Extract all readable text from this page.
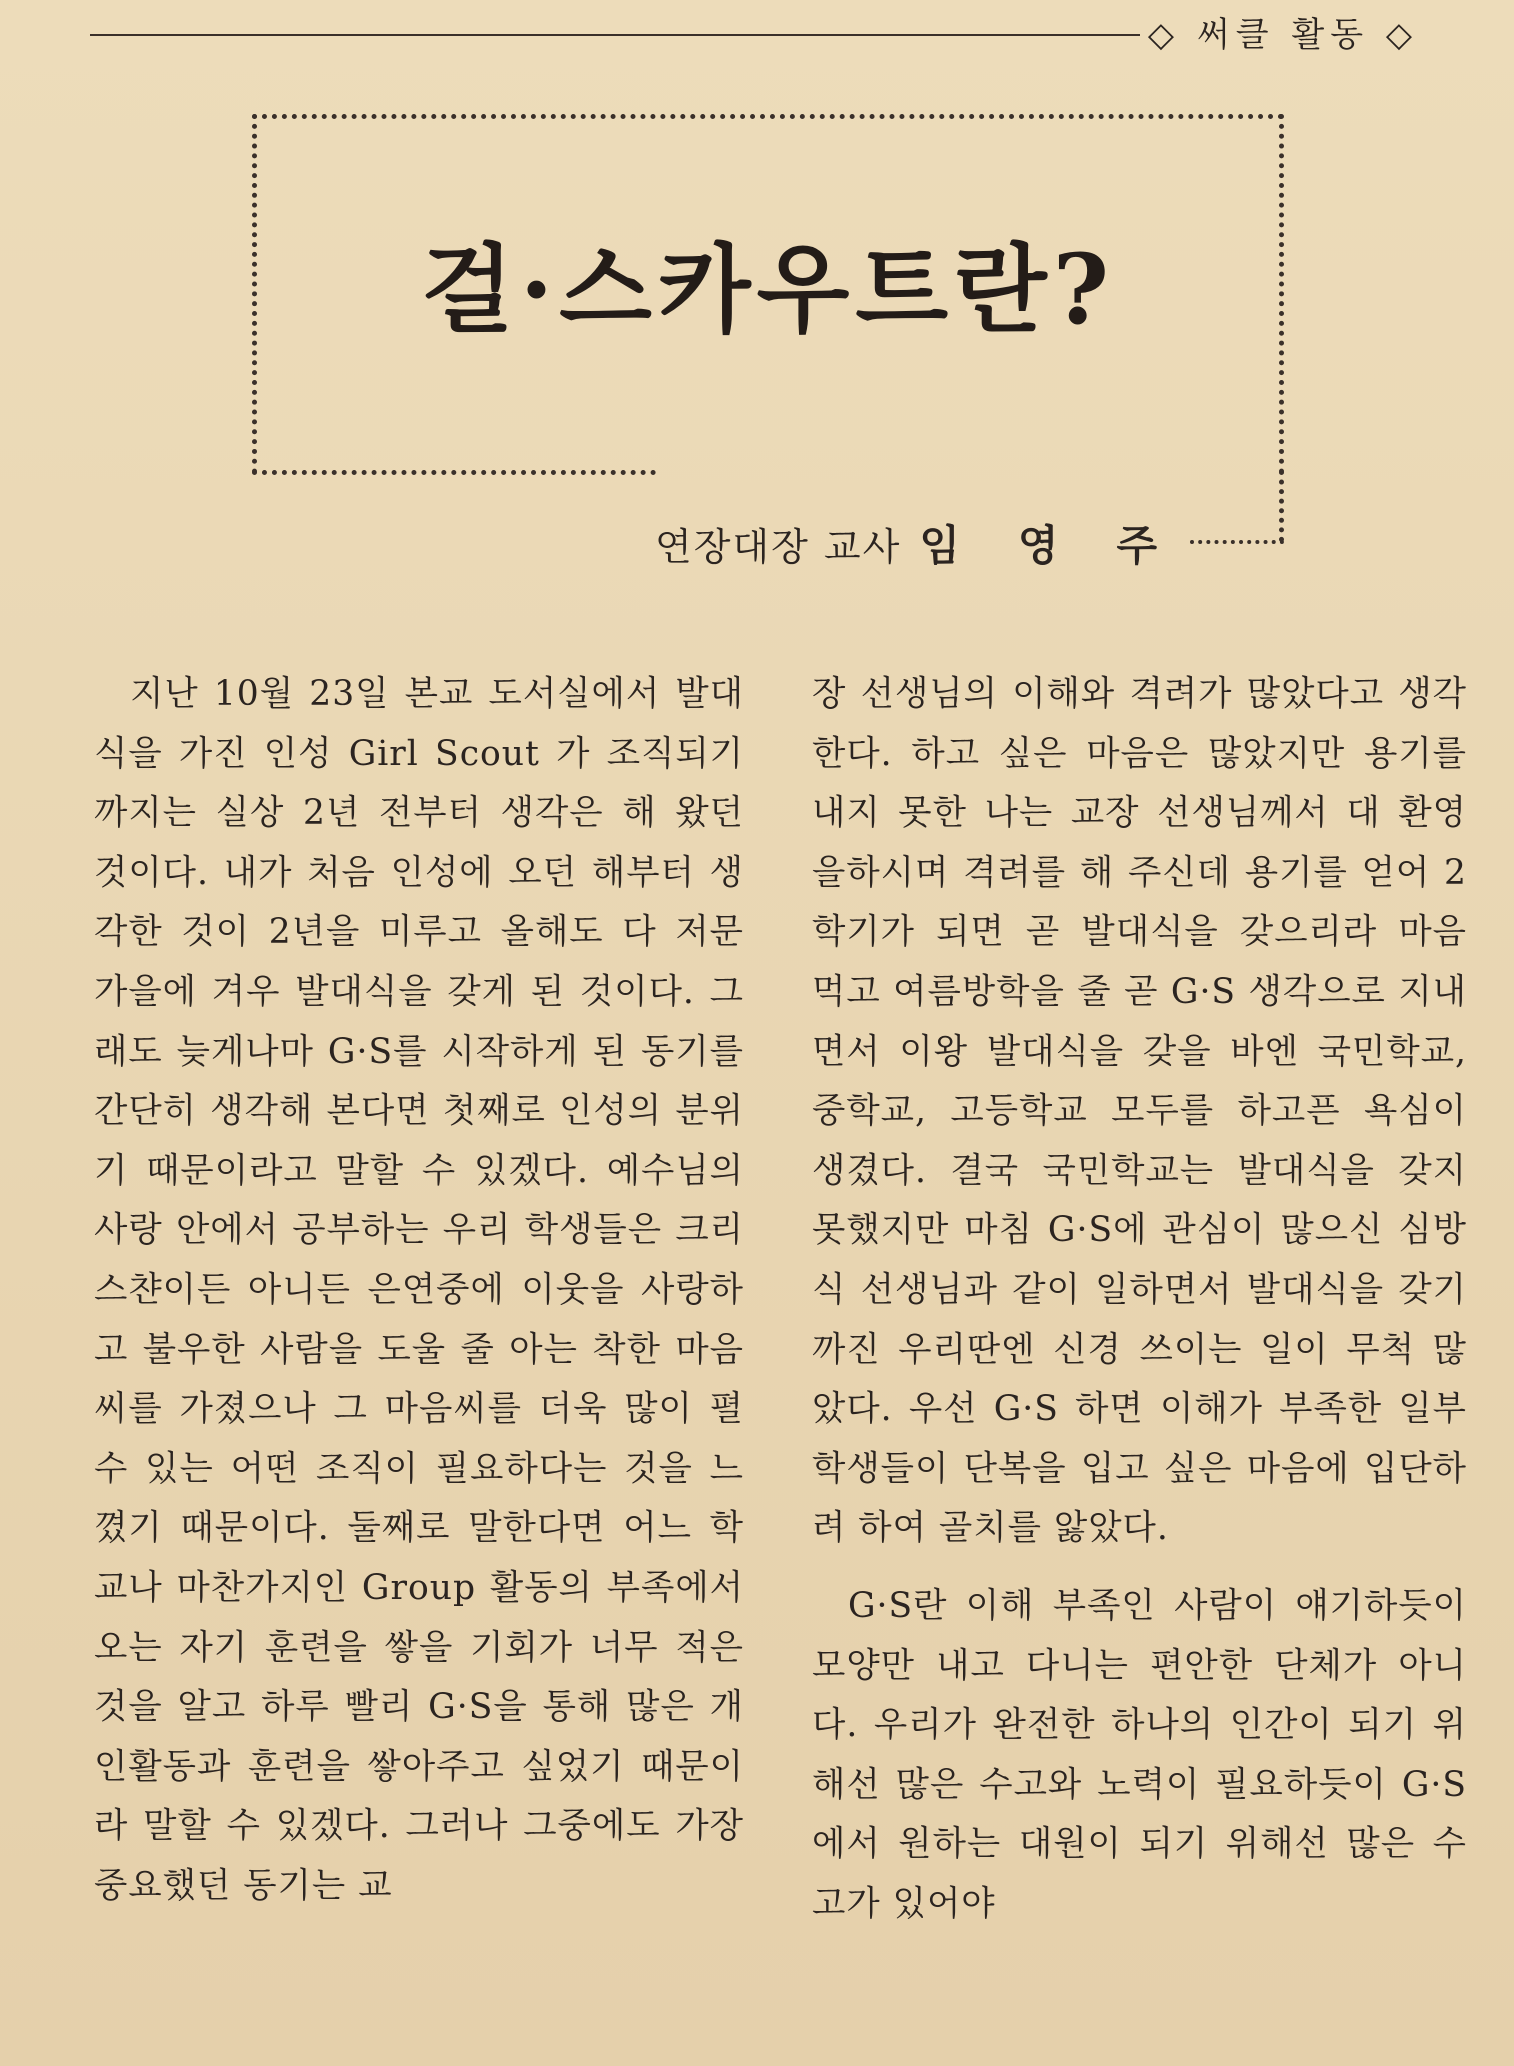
◇ 써클 활동 ◇
걸·스카우트란?
연장대장 교사 임영주

지난 10월 23일 본교 도서실에서 발대식을 가진 인성 Girl Scout 가 조직되기까지는 실상 2년 전부터 생각은 해 왔던 것이다. 내가 처음 인성에 오던 해부터 생각한 것이 2년을 미루고 올해도 다 저문 가을에 겨우 발대식을 갖게 된 것이다. 그래도 늦게나마 G·S를 시작하게 된 동기를 간단히 생각해 본다면 첫째로 인성의 분위기 때문이라고 말할 수 있겠다. 예수님의 사랑 안에서 공부하는 우리 학생들은 크리스챤이든 아니든 은연중에 이웃을 사랑하고 불우한 사람을 도울 줄 아는 착한 마음씨를 가졌으나 그 마음씨를 더욱 많이 펼 수 있는 어떤 조직이 필요하다는 것을 느꼈기 때문이다. 둘째로 말한다면 어느 학교나 마찬가지인 Group 활동의 부족에서 오는 자기 훈련을 쌓을 기회가 너무 적은 것을 알고 하루 빨리 G·S을 통해 많은 개인활동과 훈련을 쌓아주고 싶었기 때문이라 말할 수 있겠다. 그러나 그중에도 가장 중요했던 동기는 교

장 선생님의 이해와 격려가 많았다고 생각한다. 하고 싶은 마음은 많았지만 용기를 내지 못한 나는 교장 선생님께서 대 환영을하시며 격려를 해 주신데 용기를 얻어 2학기가 되면 곧 발대식을 갖으리라 마음 먹고 여름방학을 줄 곧 G·S 생각으로 지내면서 이왕 발대식을 갖을 바엔 국민학교, 중학교, 고등학교 모두를 하고픈 욕심이 생겼다. 결국 국민학교는 발대식을 갖지 못했지만 마침 G·S에 관심이 많으신 심방식 선생님과 같이 일하면서 발대식을 갖기까진 우리딴엔 신경 쓰이는 일이 무척 많았다. 우선 G·S 하면 이해가 부족한 일부 학생들이 단복을 입고 싶은 마음에 입단하려 하여 골치를 앓았다.

G·S란 이해 부족인 사람이 얘기하듯이 모양만 내고 다니는 편안한 단체가 아니다. 우리가 완전한 하나의 인간이 되기 위해선 많은 수고와 노력이 필요하듯이 G·S에서 원하는 대원이 되기 위해선 많은 수고가 있어야
